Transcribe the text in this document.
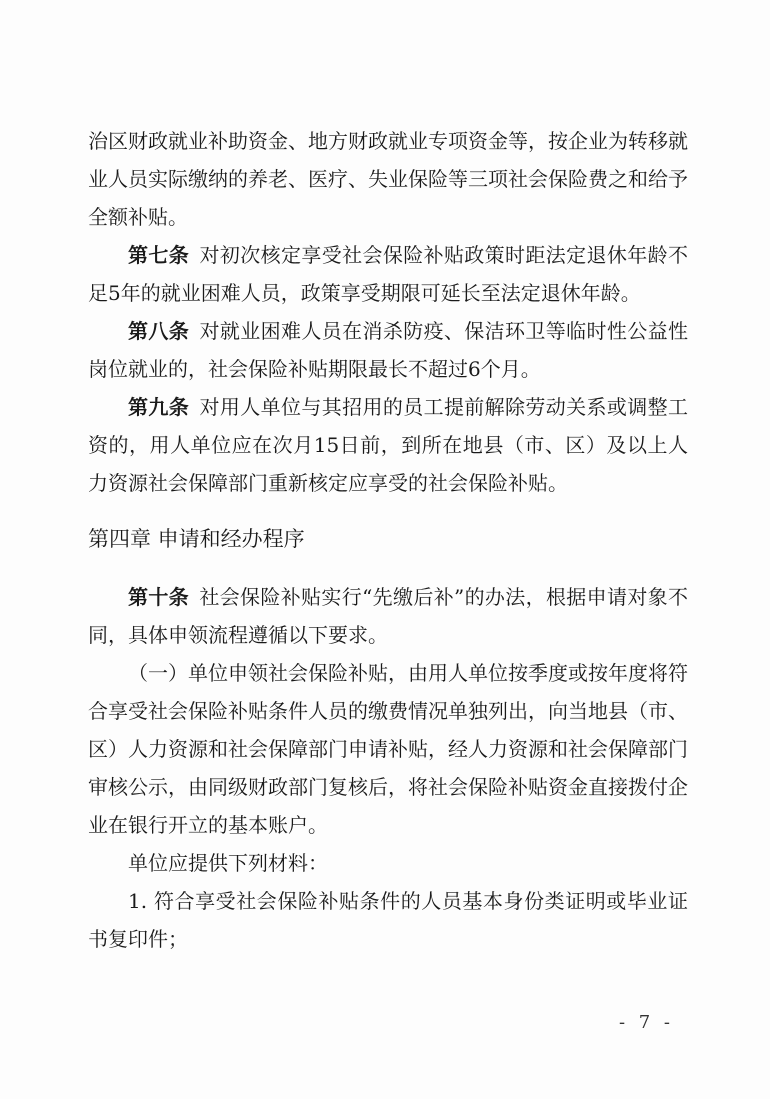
治区财政就业补助资金、地方财政就业专项资金等，按企业为转移就业人员实际缴纳的养老、医疗、失业保险等三项社会保险费之和给予全额补贴。

第七条  对初次核定享受社会保险补贴政策时距法定退休年龄不足5年的就业困难人员，政策享受期限可延长至法定退休年龄。

第八条  对就业困难人员在消杀防疫、保洁环卫等临时性公益性岗位就业的，社会保险补贴期限最长不超过6个月。

第九条  对用人单位与其招用的员工提前解除劳动关系或调整工资的，用人单位应在次月15日前，到所在地县（市、区）及以上人力资源社会保障部门重新核定应享受的社会保险补贴。

第四章 申请和经办程序

第十条  社会保险补贴实行“先缴后补”的办法，根据申请对象不同，具体申领流程遵循以下要求。

（一）单位申领社会保险补贴，由用人单位按季度或按年度将符合享受社会保险补贴条件人员的缴费情况单独列出，向当地县（市、区）人力资源和社会保障部门申请补贴，经人力资源和社会保障部门审核公示，由同级财政部门复核后，将社会保险补贴资金直接拨付企业在银行开立的基本账户。

单位应提供下列材料：

1. 符合享受社会保险补贴条件的人员基本身份类证明或毕业证书复印件；

- 7 -
